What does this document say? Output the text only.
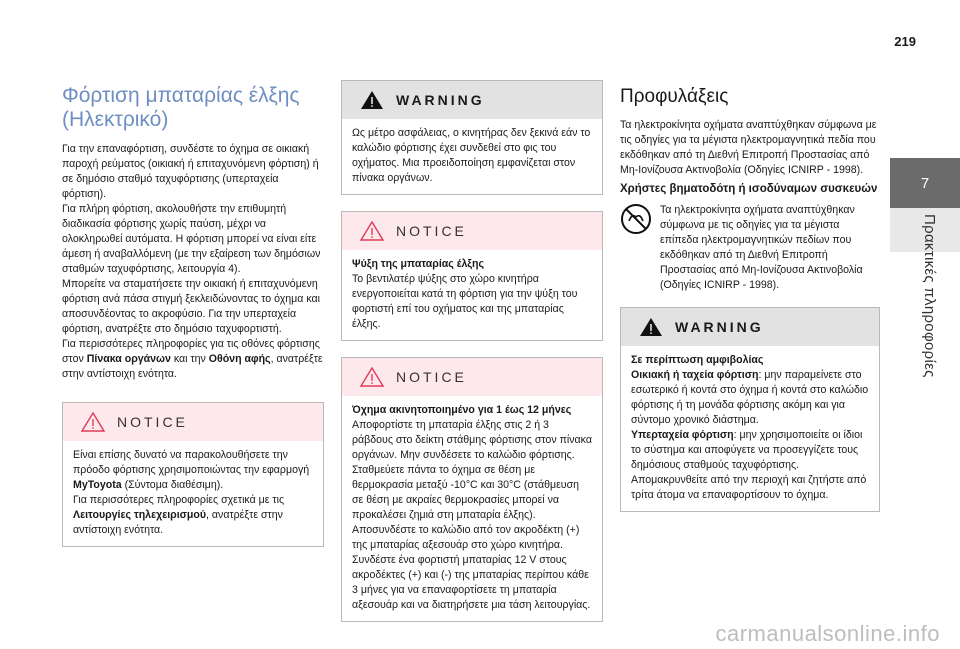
219
7
Πρακτικές πληροφορίες
Φόρτιση μπαταρίας έλξης (Ηλεκτρικό)

Για την επαναφόρτιση, συνδέστε το όχημα σε οικιακή παροχή ρεύματος (οικιακή ή επιταχυνόμενη φόρτιση) ή σε δημόσιο σταθμό ταχυφόρτισης (υπερταχεία φόρτιση).

Για πλήρη φόρτιση, ακολουθήστε την επιθυμητή διαδικασία φόρτισης χωρίς παύση, μέχρι να ολοκληρωθεί αυτόματα. Η φόρτιση μπορεί να είναι είτε άμεση ή αναβαλλόμενη (με την εξαίρεση των δημόσιων σταθμών ταχυφόρτισης, λειτουργία 4).

Μπορείτε να σταματήσετε την οικιακή ή επιταχυνόμενη φόρτιση ανά πάσα στιγμή ξεκλειδώνοντας το όχημα και αποσυνδέοντας το ακροφύσιο. Για την υπερταχεία φόρτιση, ανατρέξτε στο δημόσιο ταχυφορτιστή.

Για περισσότερες πληροφορίες για τις οθόνες φόρτισης στον Πίνακα οργάνων και την Οθόνη αφής, ανατρέξτε στην αντίστοιχη ενότητα.

NOTICE

Είναι επίσης δυνατό να παρακολουθήσετε την πρόοδο φόρτισης χρησιμοποιώντας την εφαρμογή MyToyota (Σύντομα διαθέσιμη).

Για περισσότερες πληροφορίες σχετικά με τις Λειτουργίες τηλεχειρισμού, ανατρέξτε στην αντίστοιχη ενότητα.

WARNING

Ως μέτρο ασφάλειας, ο κινητήρας δεν ξεκινά εάν το καλώδιο φόρτισης έχει συνδεθεί στο φις του οχήματος. Μια προειδοποίηση εμφανίζεται στον πίνακα οργάνων.

NOTICE

Ψύξη της μπαταρίας έλξης

Το βεντιλατέρ ψύξης στο χώρο κινητήρα ενεργοποιείται κατά τη φόρτιση για την ψύξη του φορτιστή επί του οχήματος και της μπαταρίας έλξης.

NOTICE

Όχημα ακινητοποιημένο για 1 έως 12 μήνες

Αποφορτίστε τη μπαταρία έλξης στις 2 ή 3 ράβδους στο δείκτη στάθμης φόρτισης στον πίνακα οργάνων. Μην συνδέσετε το καλώδιο φόρτισης.

Σταθμεύετε πάντα το όχημα σε θέση με θερμοκρασία μεταξύ -10°C και 30°C (στάθμευση σε θέση με ακραίες θερμοκρασίες μπορεί να προκαλέσει ζημιά στη μπαταρία έλξης).

Αποσυνδέστε το καλώδιο από τον ακροδέκτη (+) της μπαταρίας αξεσουάρ στο χώρο κινητήρα. Συνδέστε ένα φορτιστή μπαταρίας 12 V στους ακροδέκτες (+) και (-) της μπαταρίας περίπου κάθε 3 μήνες για να επαναφορτίσετε τη μπαταρία αξεσουάρ και να διατηρήσετε μια τάση λειτουργίας.

Προφυλάξεις

Τα ηλεκτροκίνητα οχήματα αναπτύχθηκαν σύμφωνα με τις οδηγίες για τα μέγιστα ηλεκτρομαγνητικά πεδία που εκδόθηκαν από τη Διεθνή Επιτροπή Προστασίας από Μη-Ιονίζουσα Ακτινοβολία (Οδηγίες ICNIRP - 1998).

Χρήστες βηματοδότη ή ισοδύναμων συσκευών

Τα ηλεκτροκίνητα οχήματα αναπτύχθηκαν σύμφωνα με τις οδηγίες για τα μέγιστα επίπεδα ηλεκτρομαγνητικών πεδίων που εκδόθηκαν από τη Διεθνή Επιτροπή Προστασίας από Μη-Ιονίζουσα Ακτινοβολία (Οδηγίες ICNIRP - 1998).

WARNING

Σε περίπτωση αμφιβολίας

Οικιακή ή ταχεία φόρτιση: μην παραμείνετε στο εσωτερικό ή κοντά στο όχημα ή κοντά στο καλώδιο φόρτισης ή τη μονάδα φόρτισης ακόμη και για σύντομο χρονικό διάστημα.

Υπερταχεία φόρτιση: μην χρησιμοποιείτε οι ίδιοι το σύστημα και αποφύγετε να προσεγγίζετε τους δημόσιους σταθμούς ταχυφόρτισης.

Απομακρυνθείτε από την περιοχή και ζητήστε από τρίτα άτομα να επαναφορτίσουν το όχημα.

carmanualsonline.info
